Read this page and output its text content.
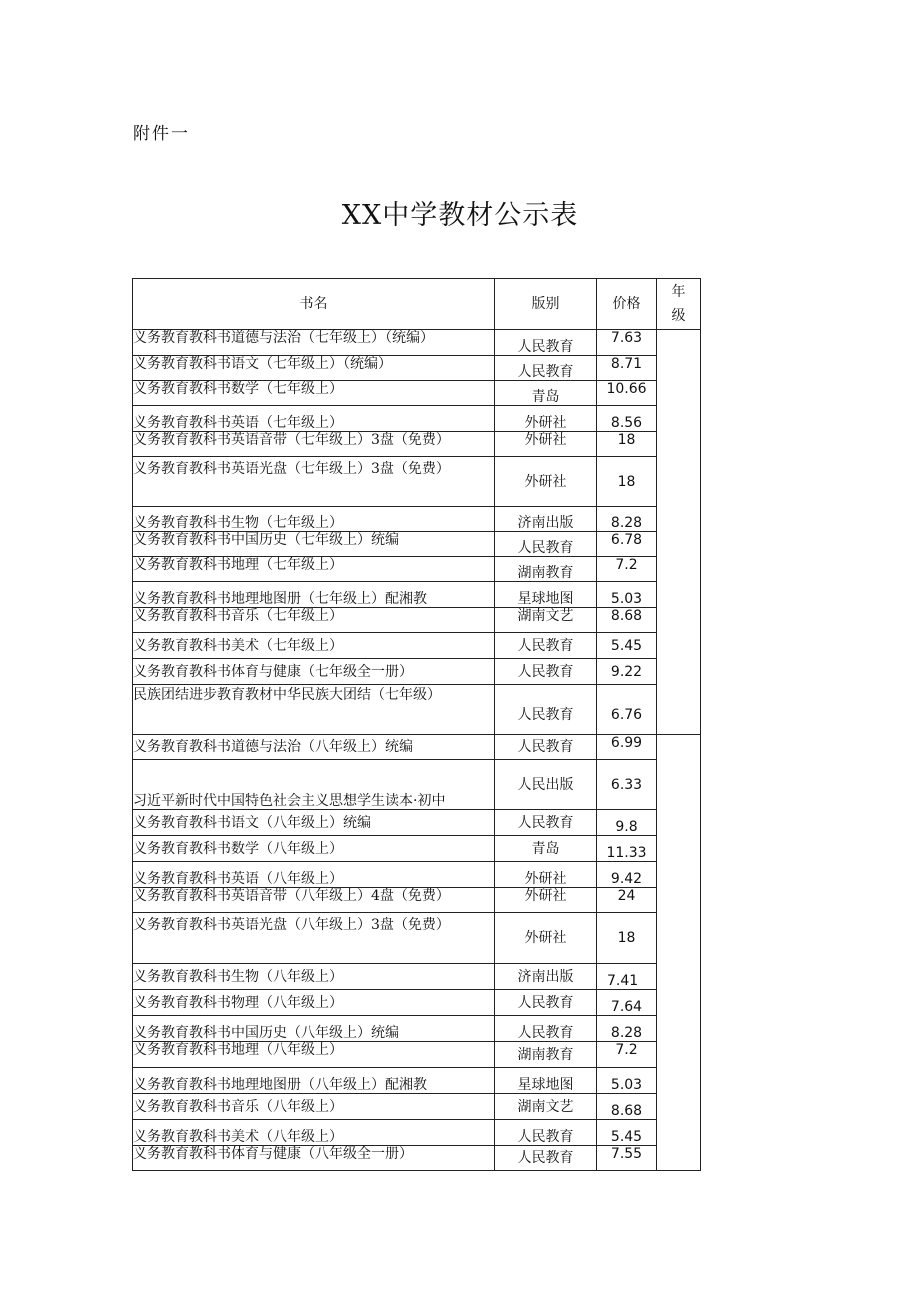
附件一
XX中学教材公示表
书名	版别	价格	年级
义务教育教科书道德与法治（七年级上）（统编）	人民教育	7.63	
义务教育教科书语文（七年级上）（统编）	人民教育	8.71	
义务教育教科书数学（七年级上）	青岛	10.66	
义务教育教科书英语（七年级上）	外研社	8.56	
义务教育教科书英语音带（七年级上）3盘（免费）	外研社	18	
义务教育教科书英语光盘（七年级上）3盘（免费）	外研社	18	
义务教育教科书生物（七年级上）	济南出版	8.28	
义务教育教科书中国历史（七年级上）统编	人民教育	6.78	
义务教育教科书地理（七年级上）	湖南教育	7.2	
义务教育教科书地理地图册（七年级上）配湘教	星球地图	5.03	
义务教育教科书音乐（七年级上）	湖南文艺	8.68	
义务教育教科书美术（七年级上）	人民教育	5.45	
义务教育教科书体育与健康（七年级全一册）	人民教育	9.22	
民族团结进步教育教材中华民族大团结（七年级）	人民教育	6.76	
义务教育教科书道德与法治（八年级上）统编	人民教育	6.99	
习近平新时代中国特色社会主义思想学生读本·初中	人民出版	6.33	
义务教育教科书语文（八年级上）统编	人民教育	9.8	
义务教育教科书数学（八年级上）	青岛	11.33	
义务教育教科书英语（八年级上）	外研社	9.42	
义务教育教科书英语音带（八年级上）4盘（免费）	外研社	24	
义务教育教科书英语光盘（八年级上）3盘（免费）	外研社	18	
义务教育教科书生物（八年级上）	济南出版	7.41	
义务教育教科书物理（八年级上）	人民教育	7.64	
义务教育教科书中国历史（八年级上）统编	人民教育	8.28	
义务教育教科书地理（八年级上）	湖南教育	7.2	
义务教育教科书地理地图册（八年级上）配湘教	星球地图	5.03	
义务教育教科书音乐（八年级上）	湖南文艺	8.68	
义务教育教科书美术（八年级上）	人民教育	5.45	
义务教育教科书体育与健康（八年级全一册）	人民教育	7.55	
